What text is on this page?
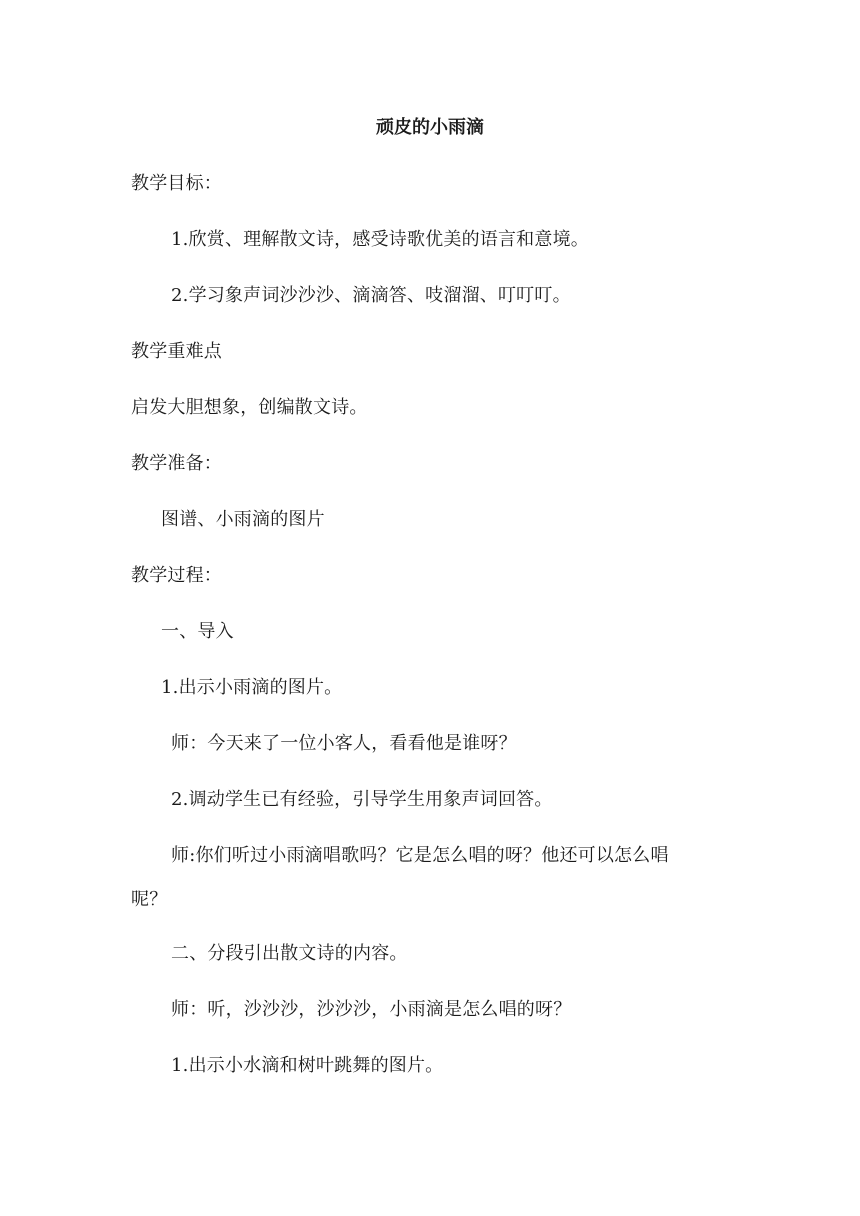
顽皮的小雨滴
教学目标：
1.欣赏、理解散文诗，感受诗歌优美的语言和意境。
2.学习象声词沙沙沙、滴滴答、吱溜溜、叮叮叮。
教学重难点
启发大胆想象，创编散文诗。
教学准备：
图谱、小雨滴的图片
教学过程：
一、导入
1.出示小雨滴的图片。
师：今天来了一位小客人，看看他是谁呀？
2.调动学生已有经验，引导学生用象声词回答。
师:你们听过小雨滴唱歌吗？它是怎么唱的呀？他还可以怎么唱
呢？
二、分段引出散文诗的内容。
师：听，沙沙沙，沙沙沙，小雨滴是怎么唱的呀？
1.出示小水滴和树叶跳舞的图片。
